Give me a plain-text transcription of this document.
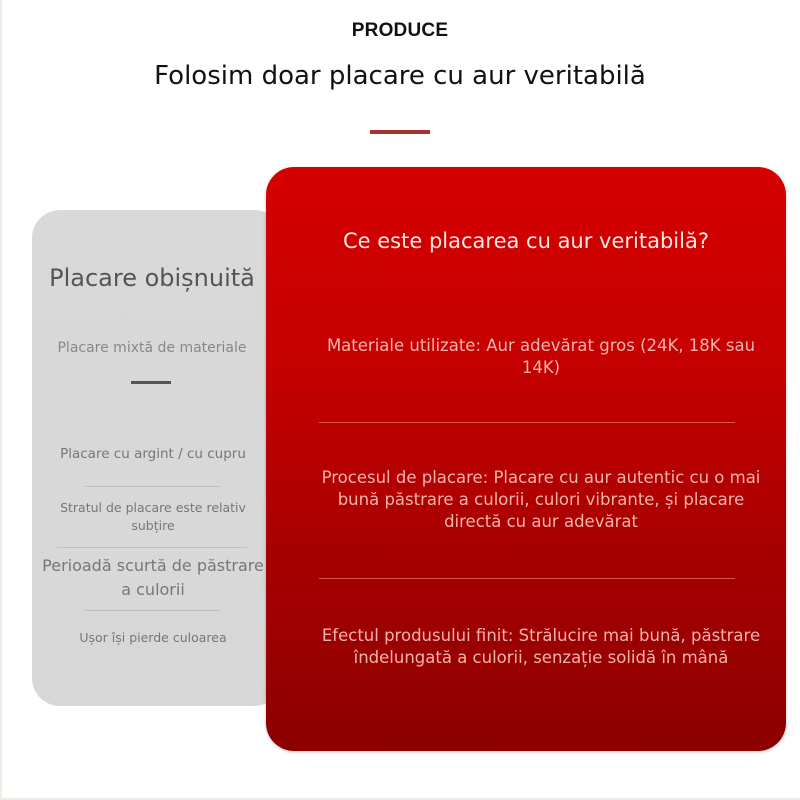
PRODUCE
Folosim doar placare cu aur veritabilă
Placare obișnuită
Placare mixtă de materiale
Placare cu argint / cu cupru
Stratul de placare este relativ subțire
Perioadă scurtă de păstrare a culorii
Ușor își pierde culoarea
Ce este placarea cu aur veritabilă?
Materiale utilizate: Aur adevărat gros (24K, 18K sau 14K)
Procesul de placare: Placare cu aur autentic cu o mai bună păstrare a culorii, culori vibrante, și placare directă cu aur adevărat
Efectul produsului finit: Strălucire mai bună, păstrare îndelungată a culorii, senzație solidă în mână
